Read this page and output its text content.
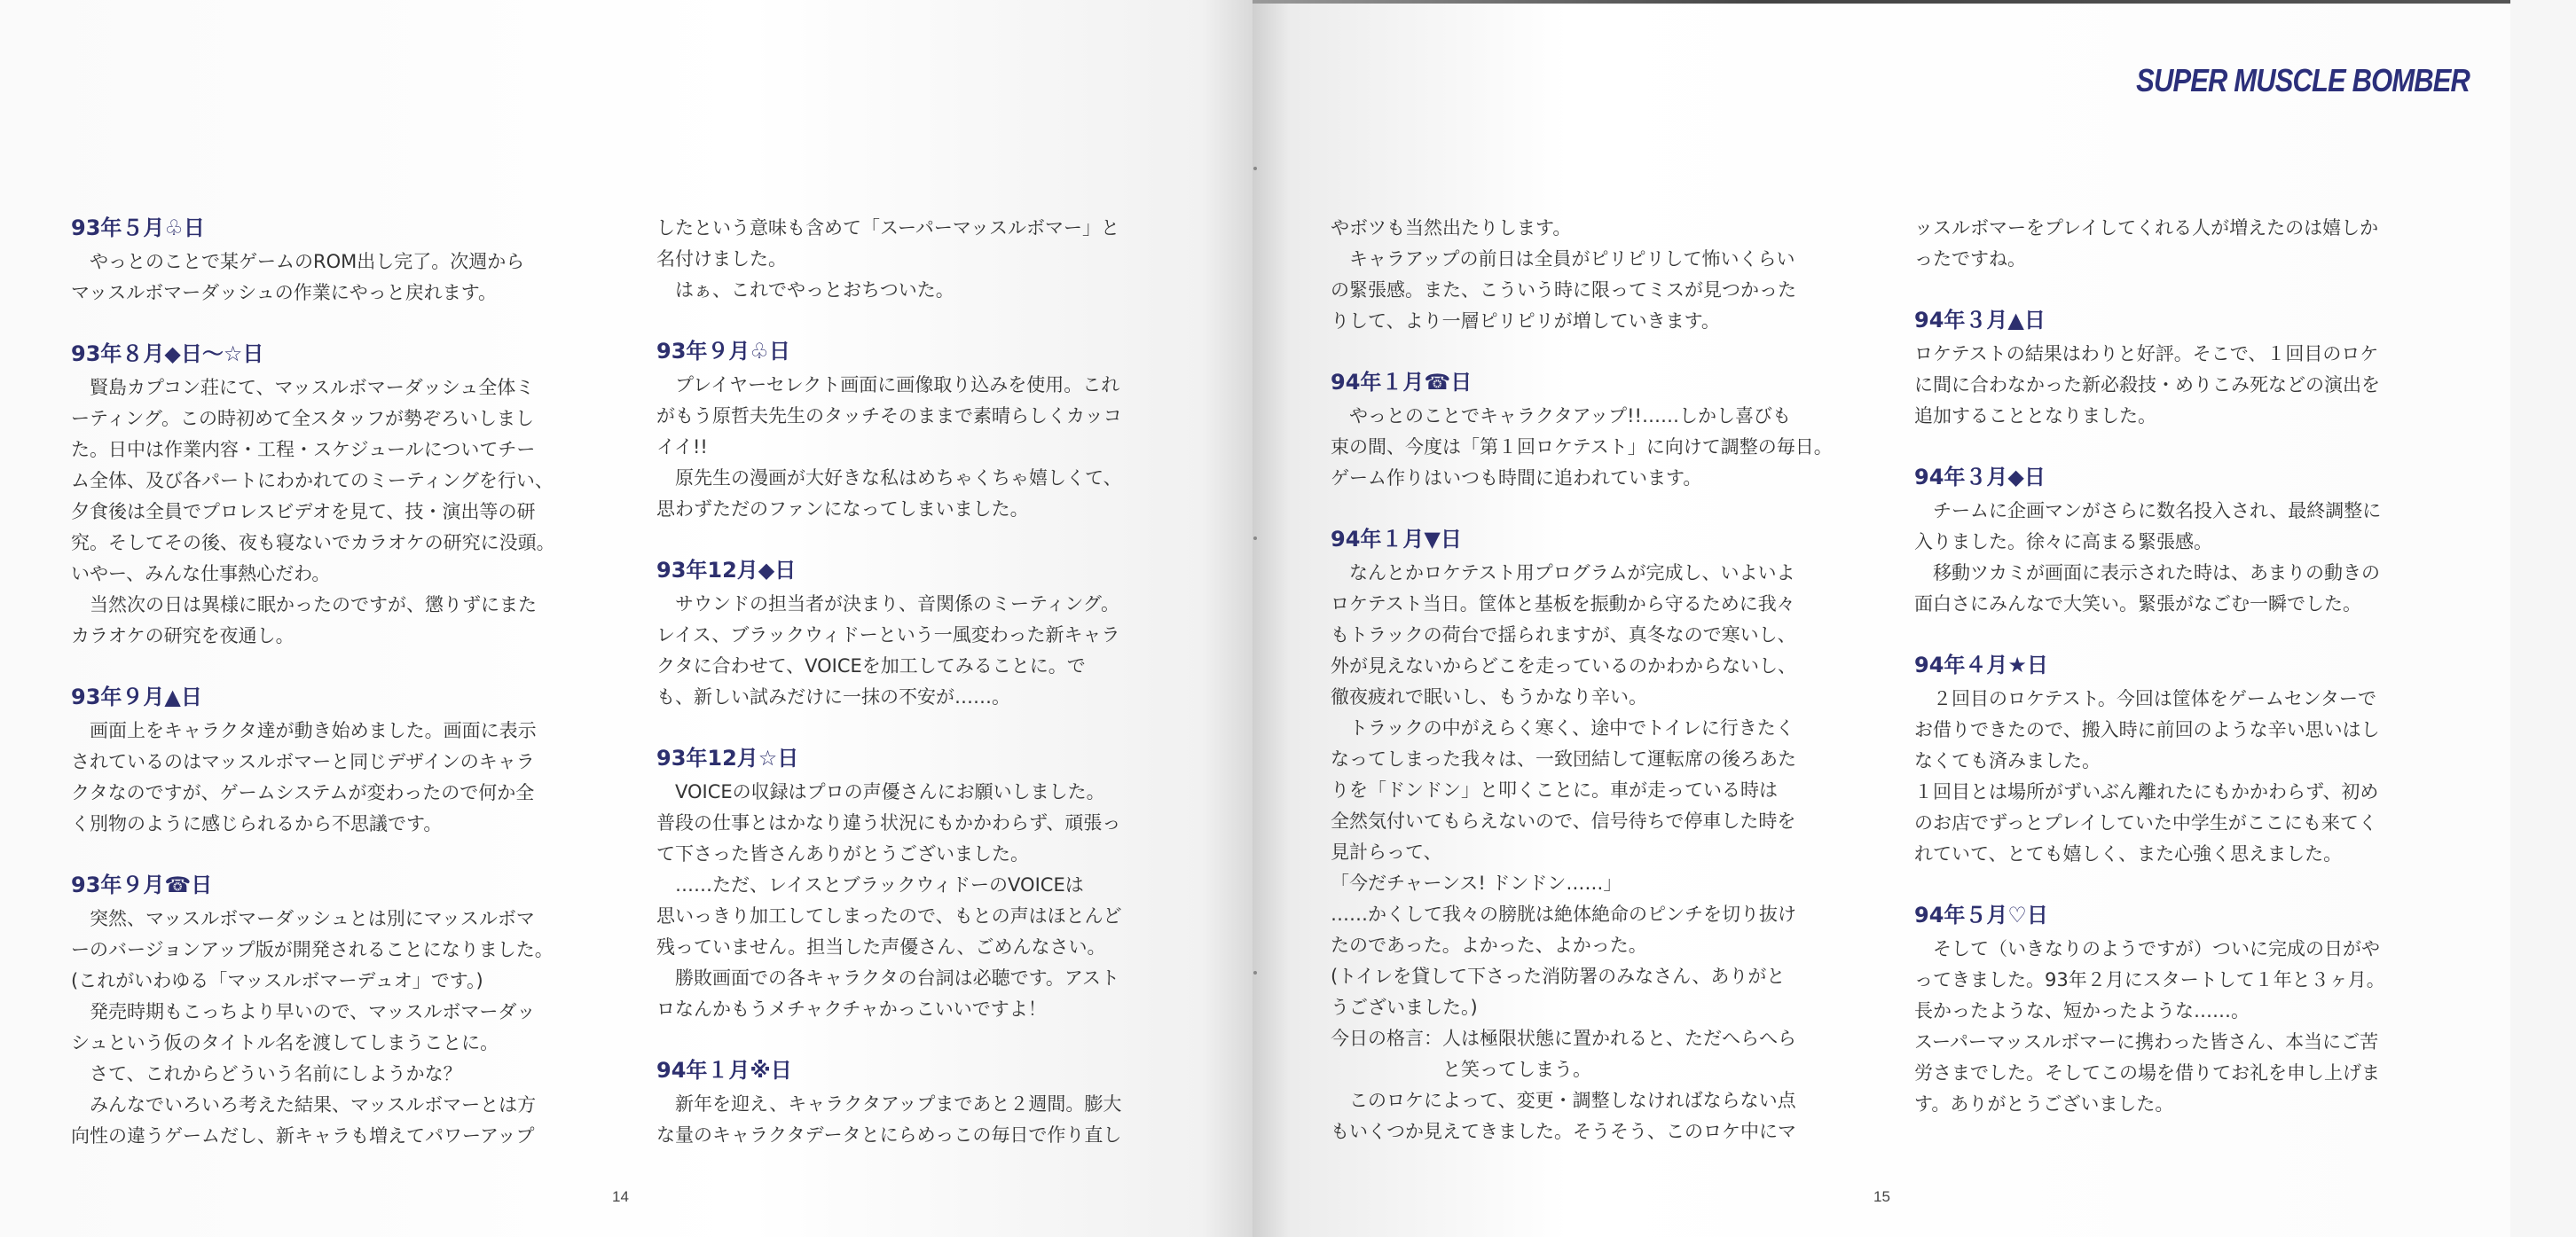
SUPER MUSCLE BOMBER
93年５月♧日
　やっとのことで某ゲームのROM出し完了。次週から
マッスルボマーダッシュの作業にやっと戻れます。
93年８月◆日〜☆日
　賢島カプコン荘にて、マッスルボマーダッシュ全体ミ
ーティング。この時初めて全スタッフが勢ぞろいしまし
た。日中は作業内容・工程・スケジュールについてチー
ム全体、及び各パートにわかれてのミーティングを行い、
夕食後は全員でプロレスビデオを見て、技・演出等の研
究。そしてその後、夜も寝ないでカラオケの研究に没頭。
いやー、みんな仕事熱心だわ。
　当然次の日は異様に眠かったのですが、懲りずにまた
カラオケの研究を夜通し。
93年９月▲日
　画面上をキャラクタ達が動き始めました。画面に表示
されているのはマッスルボマーと同じデザインのキャラ
クタなのですが、ゲームシステムが変わったので何か全
く別物のように感じられるから不思議です。
93年９月☎日
　突然、マッスルボマーダッシュとは別にマッスルボマ
ーのバージョンアップ版が開発されることになりました。
(これがいわゆる「マッスルボマーデュオ」です。)
　発売時期もこっちより早いので、マッスルボマーダッ
シュという仮のタイトル名を渡してしまうことに。
　さて、これからどういう名前にしようかな？
　みんなでいろいろ考えた結果、マッスルボマーとは方
向性の違うゲームだし、新キャラも増えてパワーアップ
したという意味も含めて「スーパーマッスルボマー」と
名付けました。
　はぁ、これでやっとおちついた。
93年９月♧日
　プレイヤーセレクト画面に画像取り込みを使用。これ
がもう原哲夫先生のタッチそのままで素晴らしくカッコ
イイ!!
　原先生の漫画が大好きな私はめちゃくちゃ嬉しくて、
思わずただのファンになってしまいました。
93年12月◆日
　サウンドの担当者が決まり、音関係のミーティング。
レイス、ブラックウィドーという一風変わった新キャラ
クタに合わせて、VOICEを加工してみることに。で
も、新しい試みだけに一抹の不安が……。
93年12月☆日
　VOICEの収録はプロの声優さんにお願いしました。
普段の仕事とはかなり違う状況にもかかわらず、頑張っ
て下さった皆さんありがとうございました。
　……ただ、レイスとブラックウィドーのVOICEは
思いっきり加工してしまったので、もとの声はほとんど
残っていません。担当した声優さん、ごめんなさい。
　勝敗画面での各キャラクタの台詞は必聴です。アスト
ロなんかもうメチャクチャかっこいいですよ！
94年１月※日
　新年を迎え、キャラクタアップまであと２週間。膨大
な量のキャラクタデータとにらめっこの毎日で作り直し
やボツも当然出たりします。
　キャラアップの前日は全員がピリピリして怖いくらい
の緊張感。また、こういう時に限ってミスが見つかった
りして、より一層ピリピリが増していきます。
94年１月☎日
　やっとのことでキャラクタアップ!!……しかし喜びも
束の間、今度は「第１回ロケテスト」に向けて調整の毎日。
ゲーム作りはいつも時間に追われています。
94年１月▼日
　なんとかロケテスト用プログラムが完成し、いよいよ
ロケテスト当日。筐体と基板を振動から守るために我々
もトラックの荷台で揺られますが、真冬なので寒いし、
外が見えないからどこを走っているのかわからないし、
徹夜疲れで眠いし、もうかなり辛い。
　トラックの中がえらく寒く、途中でトイレに行きたく
なってしまった我々は、一致団結して運転席の後ろあた
りを「ドンドン」と叩くことに。車が走っている時は
全然気付いてもらえないので、信号待ちで停車した時を
見計らって、
「今だチャーンス! ドンドン……」
……かくして我々の膀胱は絶体絶命のピンチを切り抜け
たのであった。よかった、よかった。
(トイレを貸して下さった消防署のみなさん、ありがと
うございました。)
今日の格言：人は極限状態に置かれると、ただへらへら
　　　　　　と笑ってしまう。
　このロケによって、変更・調整しなければならない点
もいくつか見えてきました。そうそう、このロケ中にマ
ッスルボマーをプレイしてくれる人が増えたのは嬉しか
ったですね。
94年３月▲日
ロケテストの結果はわりと好評。そこで、１回目のロケ
に間に合わなかった新必殺技・めりこみ死などの演出を
追加することとなりました。
94年３月◆日
　チームに企画マンがさらに数名投入され、最終調整に
入りました。徐々に高まる緊張感。
　移動ツカミが画面に表示された時は、あまりの動きの
面白さにみんなで大笑い。緊張がなごむ一瞬でした。
94年４月★日
　２回目のロケテスト。今回は筐体をゲームセンターで
お借りできたので、搬入時に前回のような辛い思いはし
なくても済みました。
１回目とは場所がずいぶん離れたにもかかわらず、初め
のお店でずっとプレイしていた中学生がここにも来てく
れていて、とても嬉しく、また心強く思えました。
94年５月♡日
　そして（いきなりのようですが）ついに完成の日がや
ってきました。93年２月にスタートして１年と３ヶ月。
長かったような、短かったような……。
スーパーマッスルボマーに携わった皆さん、本当にご苦
労さまでした。そしてこの場を借りてお礼を申し上げま
す。ありがとうございました。
14	15
